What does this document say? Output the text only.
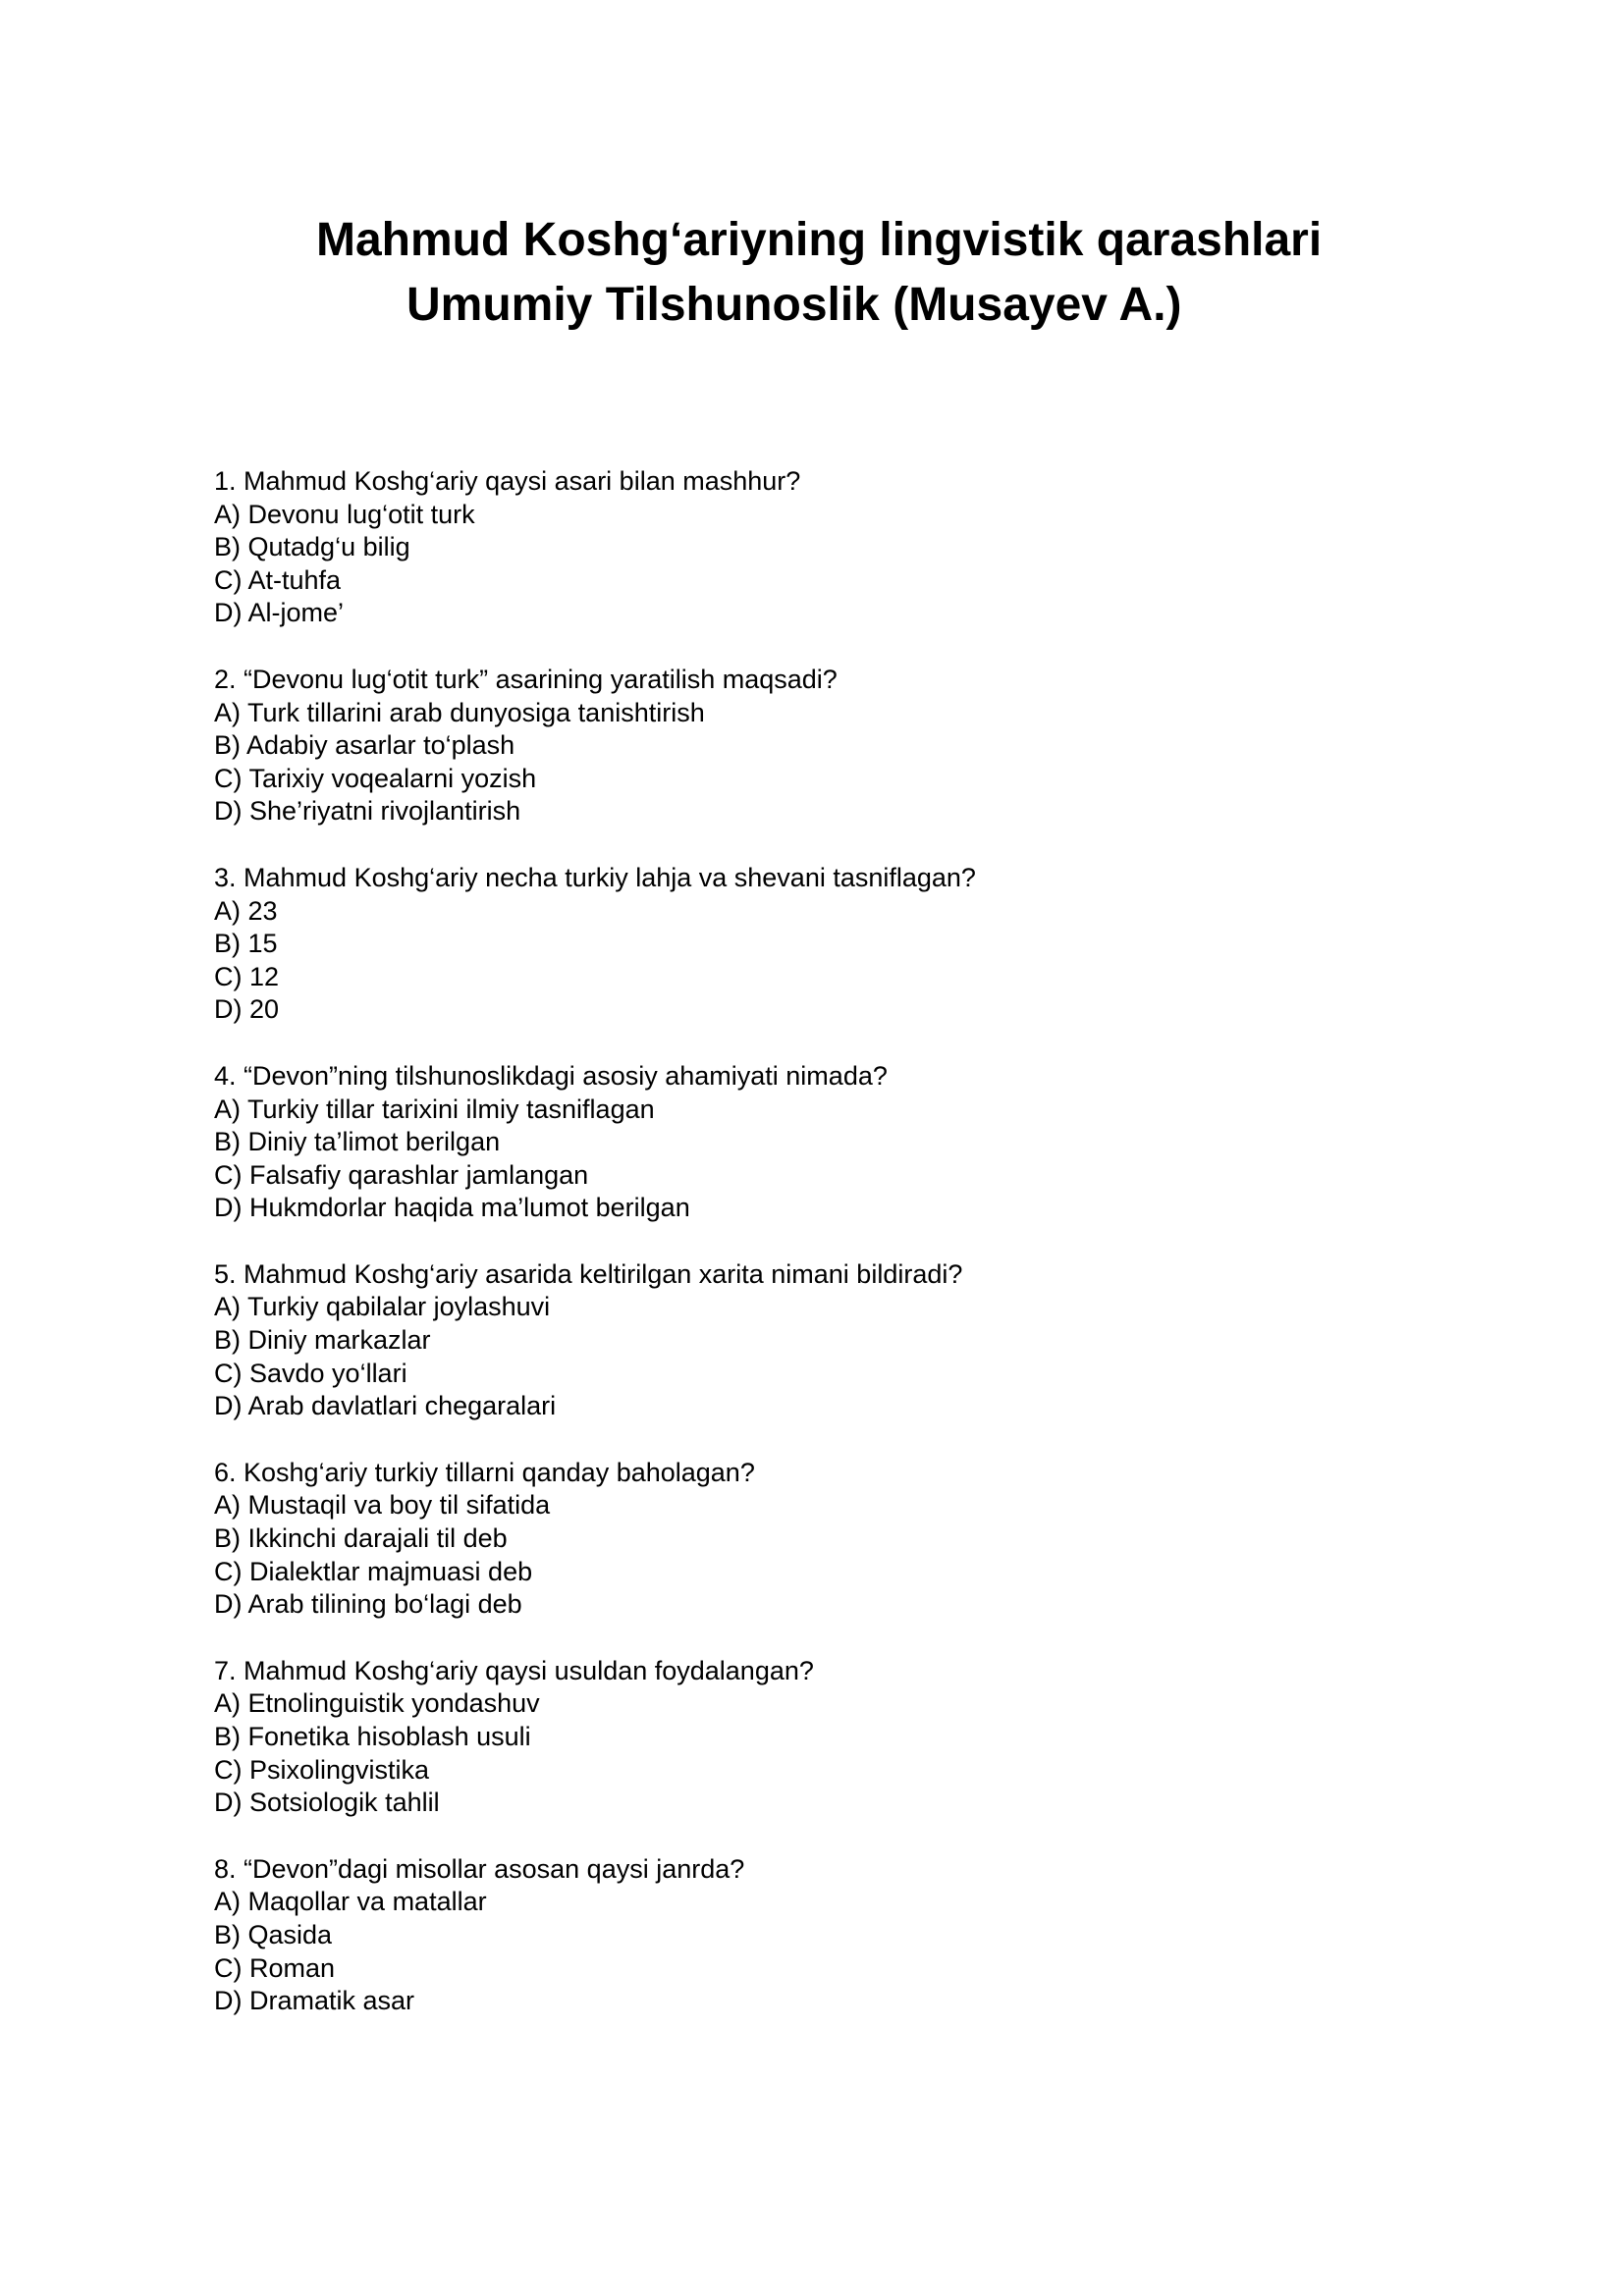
Mahmud Koshg‘ariyning lingvistik qarashlari

Umumiy Tilshunoslik (Musayev A.)

1. Mahmud Koshg‘ariy qaysi asari bilan mashhur?
A) Devonu lug‘otit turk
B) Qutadg‘u bilig
C) At-tuhfa
D) Al-jome’
2. “Devonu lug‘otit turk” asarining yaratilish maqsadi?
A) Turk tillarini arab dunyosiga tanishtirish
B) Adabiy asarlar to‘plash
C) Tarixiy voqealarni yozish
D) She’riyatni rivojlantirish
3. Mahmud Koshg‘ariy necha turkiy lahja va shevani tasniflagan?
A) 23
B) 15
C) 12
D) 20
4. “Devon”ning tilshunoslikdagi asosiy ahamiyati nimada?
A) Turkiy tillar tarixini ilmiy tasniflagan
B) Diniy ta’limot berilgan
C) Falsafiy qarashlar jamlangan
D) Hukmdorlar haqida ma’lumot berilgan
5. Mahmud Koshg‘ariy asarida keltirilgan xarita nimani bildiradi?
A) Turkiy qabilalar joylashuvi
B) Diniy markazlar
C) Savdo yo‘llari
D) Arab davlatlari chegaralari
6. Koshg‘ariy turkiy tillarni qanday baholagan?
A) Mustaqil va boy til sifatida
B) Ikkinchi darajali til deb
C) Dialektlar majmuasi deb
D) Arab tilining bo‘lagi deb
7. Mahmud Koshg‘ariy qaysi usuldan foydalangan?
A) Etnolinguistik yondashuv
B) Fonetika hisoblash usuli
C) Psixolingvistika
D) Sotsiologik tahlil
8. “Devon”dagi misollar asosan qaysi janrda?
A) Maqollar va matallar
B) Qasida
C) Roman
D) Dramatik asar
